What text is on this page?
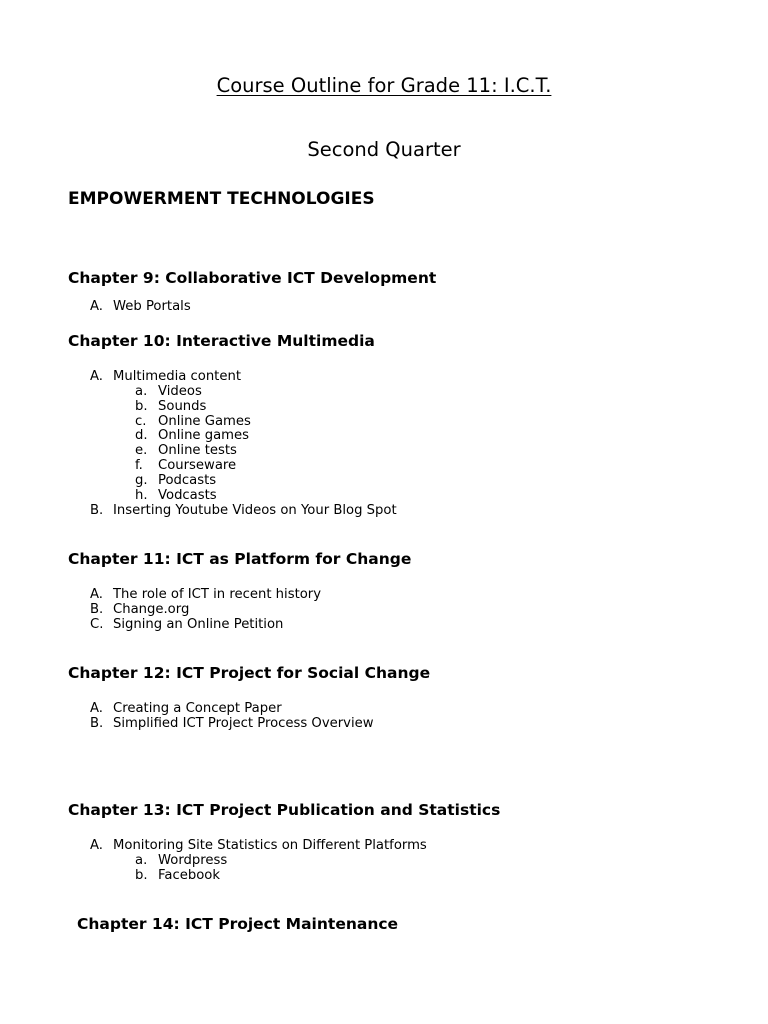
Course Outline for Grade 11: I.C.T.
Second Quarter
EMPOWERMENT TECHNOLOGIES
Chapter 9: Collaborative ICT Development
A. Web Portals
Chapter 10: Interactive Multimedia
A. Multimedia content
a. Videos
b. Sounds
c. Online Games
d. Online games
e. Online tests
f. Courseware
g. Podcasts
h. Vodcasts
B. Inserting Youtube Videos on Your Blog Spot
Chapter 11: ICT as Platform for Change
A. The role of ICT in recent history
B. Change.org
C. Signing an Online Petition
Chapter 12: ICT Project for Social Change
A. Creating a Concept Paper
B. Simplified ICT Project Process Overview
Chapter 13: ICT Project Publication and Statistics
A. Monitoring Site Statistics on Different Platforms
a. Wordpress
b. Facebook
Chapter 14: ICT Project Maintenance
